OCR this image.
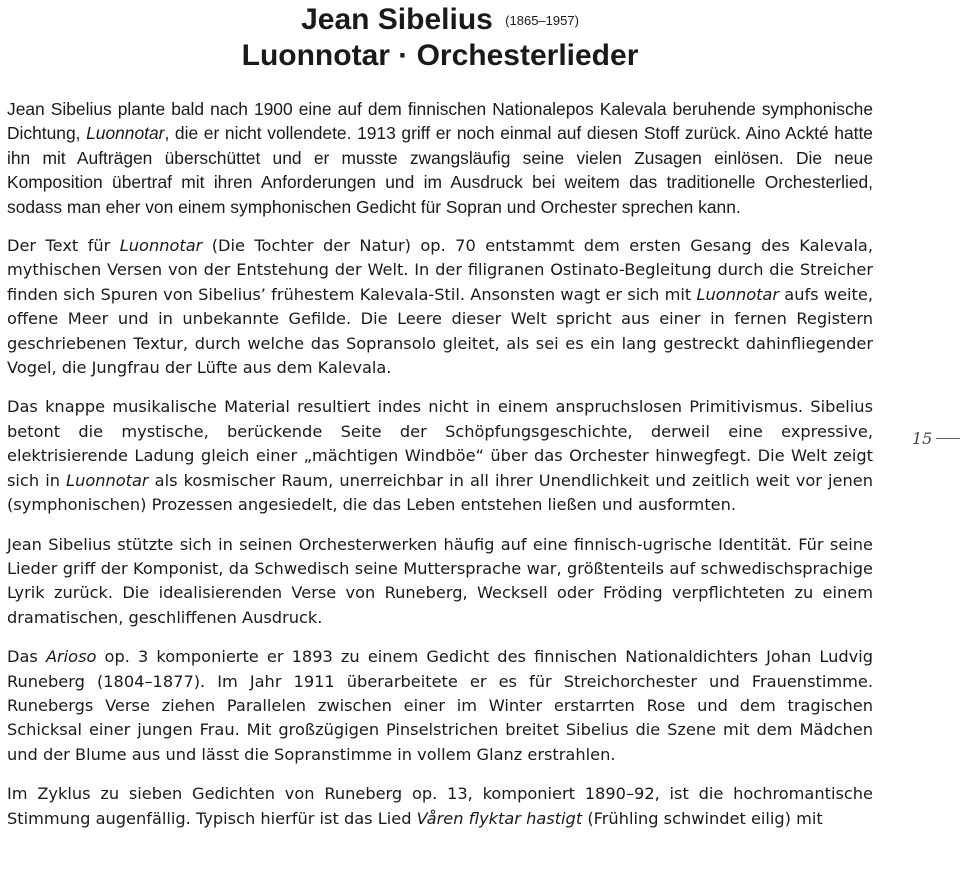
Jean Sibelius (1865–1957)
Luonnotar · Orchesterlieder

Jean Sibelius plante bald nach 1900 eine auf dem finnischen Nationalepos Kalevala beruhende symphonische Dichtung, Luonnotar, die er nicht vollendete. 1913 griff er noch einmal auf diesen Stoff zurück. Aino Ackté hatte ihn mit Aufträgen überschüttet und er musste zwangsläufig seine vielen Zusagen einlösen. Die neue Komposition übertraf mit ihren Anforderungen und im Ausdruck bei weitem das traditionelle Orchesterlied, sodass man eher von einem symphonischen Gedicht für Sopran und Orchester sprechen kann.

Der Text für Luonnotar (Die Tochter der Natur) op. 70 entstammt dem ersten Gesang des Kalevala, mythischen Versen von der Entstehung der Welt. In der filigranen Ostinato-Begleitung durch die Streicher finden sich Spuren von Sibelius’ frühestem Kalevala-Stil. Ansonsten wagt er sich mit Luonnotar aufs weite, offene Meer und in unbekannte Gefilde. Die Leere dieser Welt spricht aus einer in fernen Registern geschriebenen Textur, durch welche das Sopransolo gleitet, als sei es ein lang gestreckt dahinfliegender Vogel, die Jungfrau der Lüfte aus dem Kalevala.

Das knappe musikalische Material resultiert indes nicht in einem anspruchslosen Primitivismus. Sibelius betont die mystische, berückende Seite der Schöpfungsgeschichte, derweil eine expressive, elektrisierende Ladung gleich einer „mächtigen Windböe“ über das Orchester hinwegfegt. Die Welt zeigt sich in Luonnotar als kosmischer Raum, unerreichbar in all ihrer Unendlichkeit und zeitlich weit vor jenen (symphonischen) Prozessen angesiedelt, die das Leben entstehen ließen und ausformten.

Jean Sibelius stützte sich in seinen Orchesterwerken häufig auf eine finnisch-ugrische Identität. Für seine Lieder griff der Komponist, da Schwedisch seine Muttersprache war, größtenteils auf schwedischsprachige Lyrik zurück. Die idealisierenden Verse von Runeberg, Wecksell oder Fröding verpflichteten zu einem dramatischen, geschliffenen Ausdruck.

Das Arioso op. 3 komponierte er 1893 zu einem Gedicht des finnischen Nationaldichters Johan Ludvig Runeberg (1804–1877). Im Jahr 1911 überarbeitete er es für Streichorchester und Frauenstimme. Runebergs Verse ziehen Parallelen zwischen einer im Winter erstarrten Rose und dem tragischen Schicksal einer jungen Frau. Mit großzügigen Pinselstrichen breitet Sibelius die Szene mit dem Mädchen und der Blume aus und lässt die Sopranstimme in vollem Glanz erstrahlen.

Im Zyklus zu sieben Gedichten von Runeberg op. 13, komponiert 1890–92, ist die hochromantische Stimmung augenfällig. Typisch hierfür ist das Lied Våren flyktar hastigt (Frühling schwindet eilig) mit

15
